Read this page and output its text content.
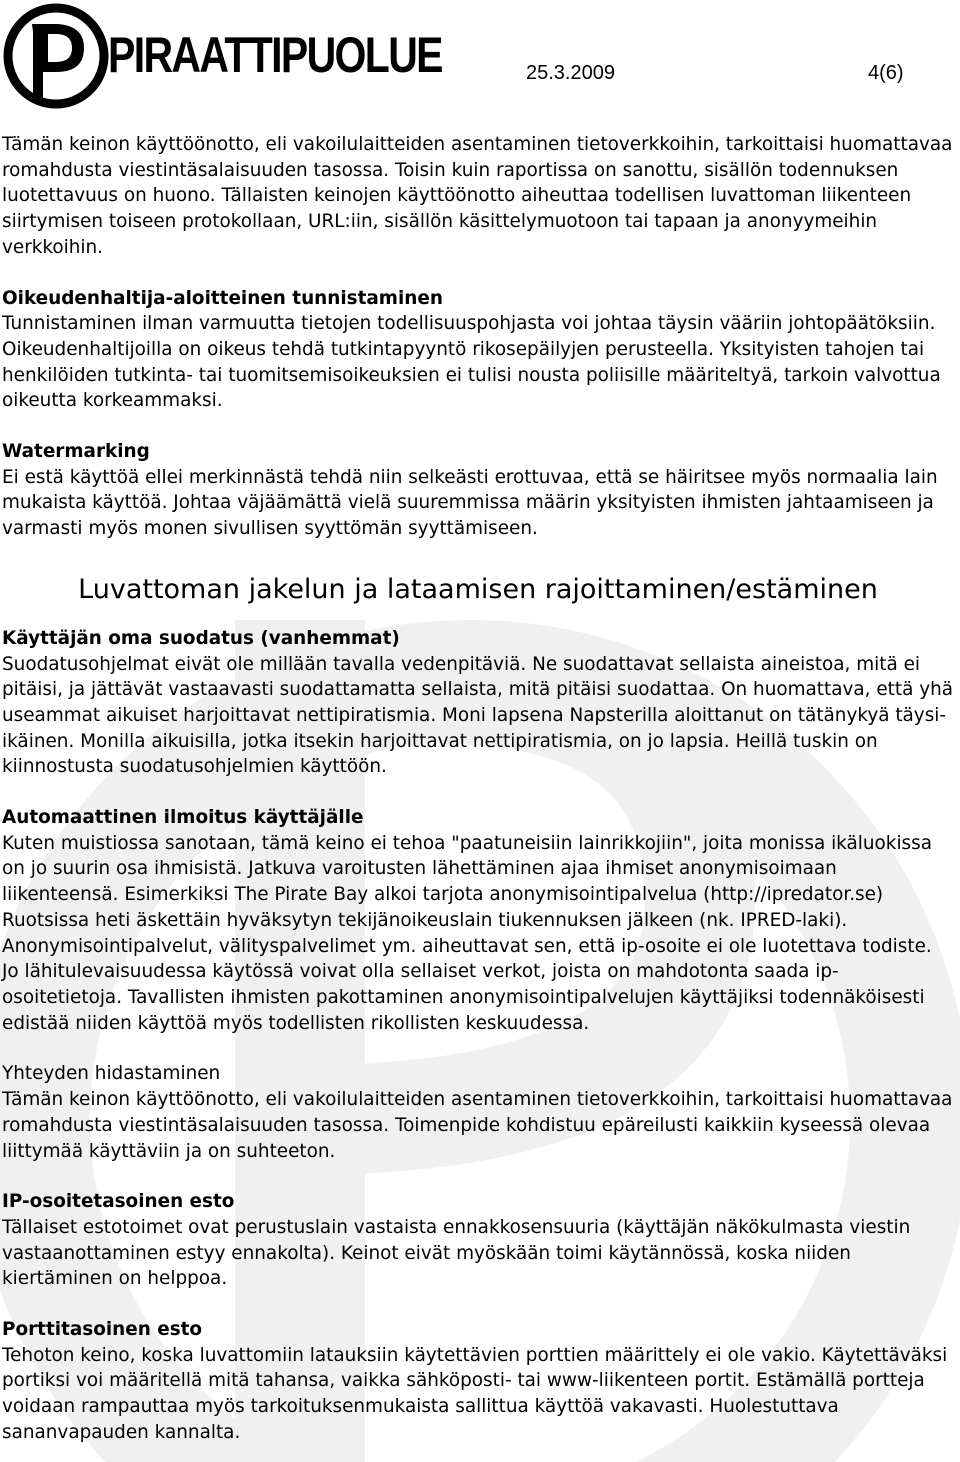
PIRAATTIPUOLUE	25.3.2009	4(6)

Tämän keinon käyttöönotto, eli vakoilulaitteiden asentaminen tietoverkkoihin, tarkoittaisi huomattavaa romahdusta viestintäsalaisuuden tasossa. Toisin kuin raportissa on sanottu, sisällön todennuksen luotettavuus on huono. Tällaisten keinojen käyttöönotto aiheuttaa todellisen luvattoman liikenteen siirtymisen toiseen protokollaan, URL:iin, sisällön käsittelymuotoon tai tapaan ja anonyymeihin verkkoihin.

Oikeudenhaltija-aloitteinen tunnistaminen

Tunnistaminen ilman varmuutta tietojen todellisuuspohjasta voi johtaa täysin vääriin johtopäätöksiin. Oikeudenhaltijoilla on oikeus tehdä tutkintapyyntö rikosepäilyjen perusteella. Yksityisten tahojen tai henkilöiden tutkinta- tai tuomitsemisoikeuksien ei tulisi nousta poliisille määriteltyä, tarkoin valvottua oikeutta korkeammaksi.

Watermarking

Ei estä käyttöä ellei merkinnästä tehdä niin selkeästi erottuvaa, että se häiritsee myös normaalia lain mukaista käyttöä. Johtaa väjäämättä vielä suuremmissa määrin yksityisten ihmisten jahtaamiseen ja varmasti myös monen sivullisen syyttömän syyttämiseen.

Luvattoman jakelun ja lataamisen rajoittaminen/estäminen
Käyttäjän oma suodatus (vanhemmat)

Suodatusohjelmat eivät ole millään tavalla vedenpitäviä. Ne suodattavat sellaista aineistoa, mitä ei pitäisi, ja jättävät vastaavasti suodattamatta sellaista, mitä pitäisi suodattaa. On huomattava, että yhä useammat aikuiset harjoittavat nettipiratismia. Moni lapsena Napsterilla aloittanut on tätänykyä täysi-ikäinen. Monilla aikuisilla, jotka itsekin harjoittavat nettipiratismia, on jo lapsia. Heillä tuskin on kiinnostusta suodatusohjelmien käyttöön.

Automaattinen ilmoitus käyttäjälle

Kuten muistiossa sanotaan, tämä keino ei tehoa "paatuneisiin lainrikkojiin", joita monissa ikäluokissa on jo suurin osa ihmisistä. Jatkuva varoitusten lähettäminen ajaa ihmiset anonymisoimaan liikenteensä. Esimerkiksi The Pirate Bay alkoi tarjota anonymisointipalvelua (http://ipredator.se) Ruotsissa heti äskettäin hyväksytyn tekijänoikeuslain tiukennuksen jälkeen (nk. IPRED-laki). Anonymisointipalvelut, välityspalvelimet ym. aiheuttavat sen, että ip-osoite ei ole luotettava todiste. Jo lähitulevaisuudessa käytössä voivat olla sellaiset verkot, joista on mahdotonta saada ip-osoitetietoja. Tavallisten ihmisten pakottaminen anonymisointipalvelujen käyttäjiksi todennäköisesti edistää niiden käyttöä myös todellisten rikollisten keskuudessa.

Yhteyden hidastaminen

Tämän keinon käyttöönotto, eli vakoilulaitteiden asentaminen tietoverkkoihin, tarkoittaisi huomattavaa romahdusta viestintäsalaisuuden tasossa. Toimenpide kohdistuu epäreilusti kaikkiin kyseessä olevaa liittymää käyttäviin ja on suhteeton.

IP-osoitetasoinen esto

Tällaiset estotoimet ovat perustuslain vastaista ennakkosensuuria (käyttäjän näkökulmasta viestin vastaanottaminen estyy ennakolta). Keinot eivät myöskään toimi käytännössä, koska niiden kiertäminen on helppoa.

Porttitasoinen esto

Tehoton keino, koska luvattomiin latauksiin käytettävien porttien määrittely ei ole vakio. Käytettäväksi portiksi voi määritellä mitä tahansa, vaikka sähköposti- tai www-liikenteen portit. Estämällä portteja voidaan rampauttaa myös tarkoituksenmukaista sallittua käyttöä vakavasti. Huolestuttava sananvapauden kannalta.
